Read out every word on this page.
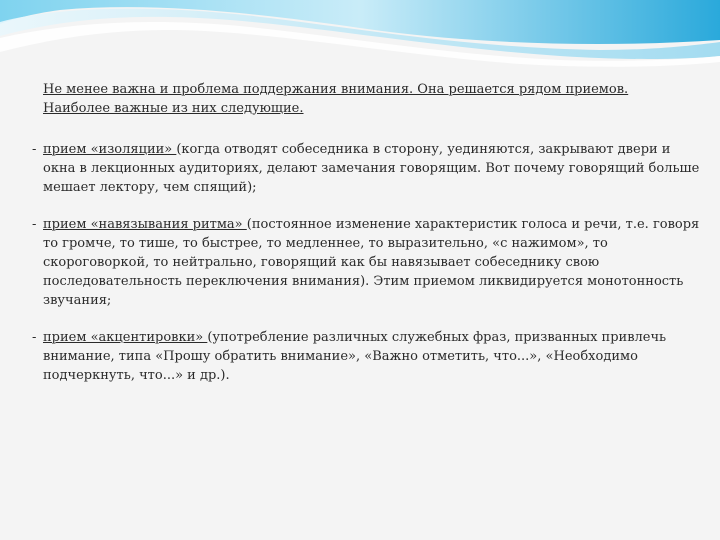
Не менее важна и проблема поддержания внимания. Она решается рядом приемов.
Наиболее важные из них следующие.
- прием «изоляции» (когда отводят собеседника в сторону, уединяются, закрывают двери и окна в лекционных аудиториях, делают замечания говорящим. Вот почему говорящий больше мешает лектору, чем спящий);
- прием «навязывания ритма» (постоянное изменение характеристик голоса и речи, т.е. говоря то громче, то тише, то быстрее, то медленнее, то выразительно, «с нажимом», то скороговоркой, то нейтрально, говорящий как бы навязывает собеседнику свою последовательность переключения внимания). Этим приемом ликвидируется монотонность звучания;
- прием «акцентировки» (употребление различных служебных фраз, призванных привлечь внимание, типа «Прошу обратить внимание», «Важно отметить, что...», «Необходимо подчеркнуть, что...» и др.).
